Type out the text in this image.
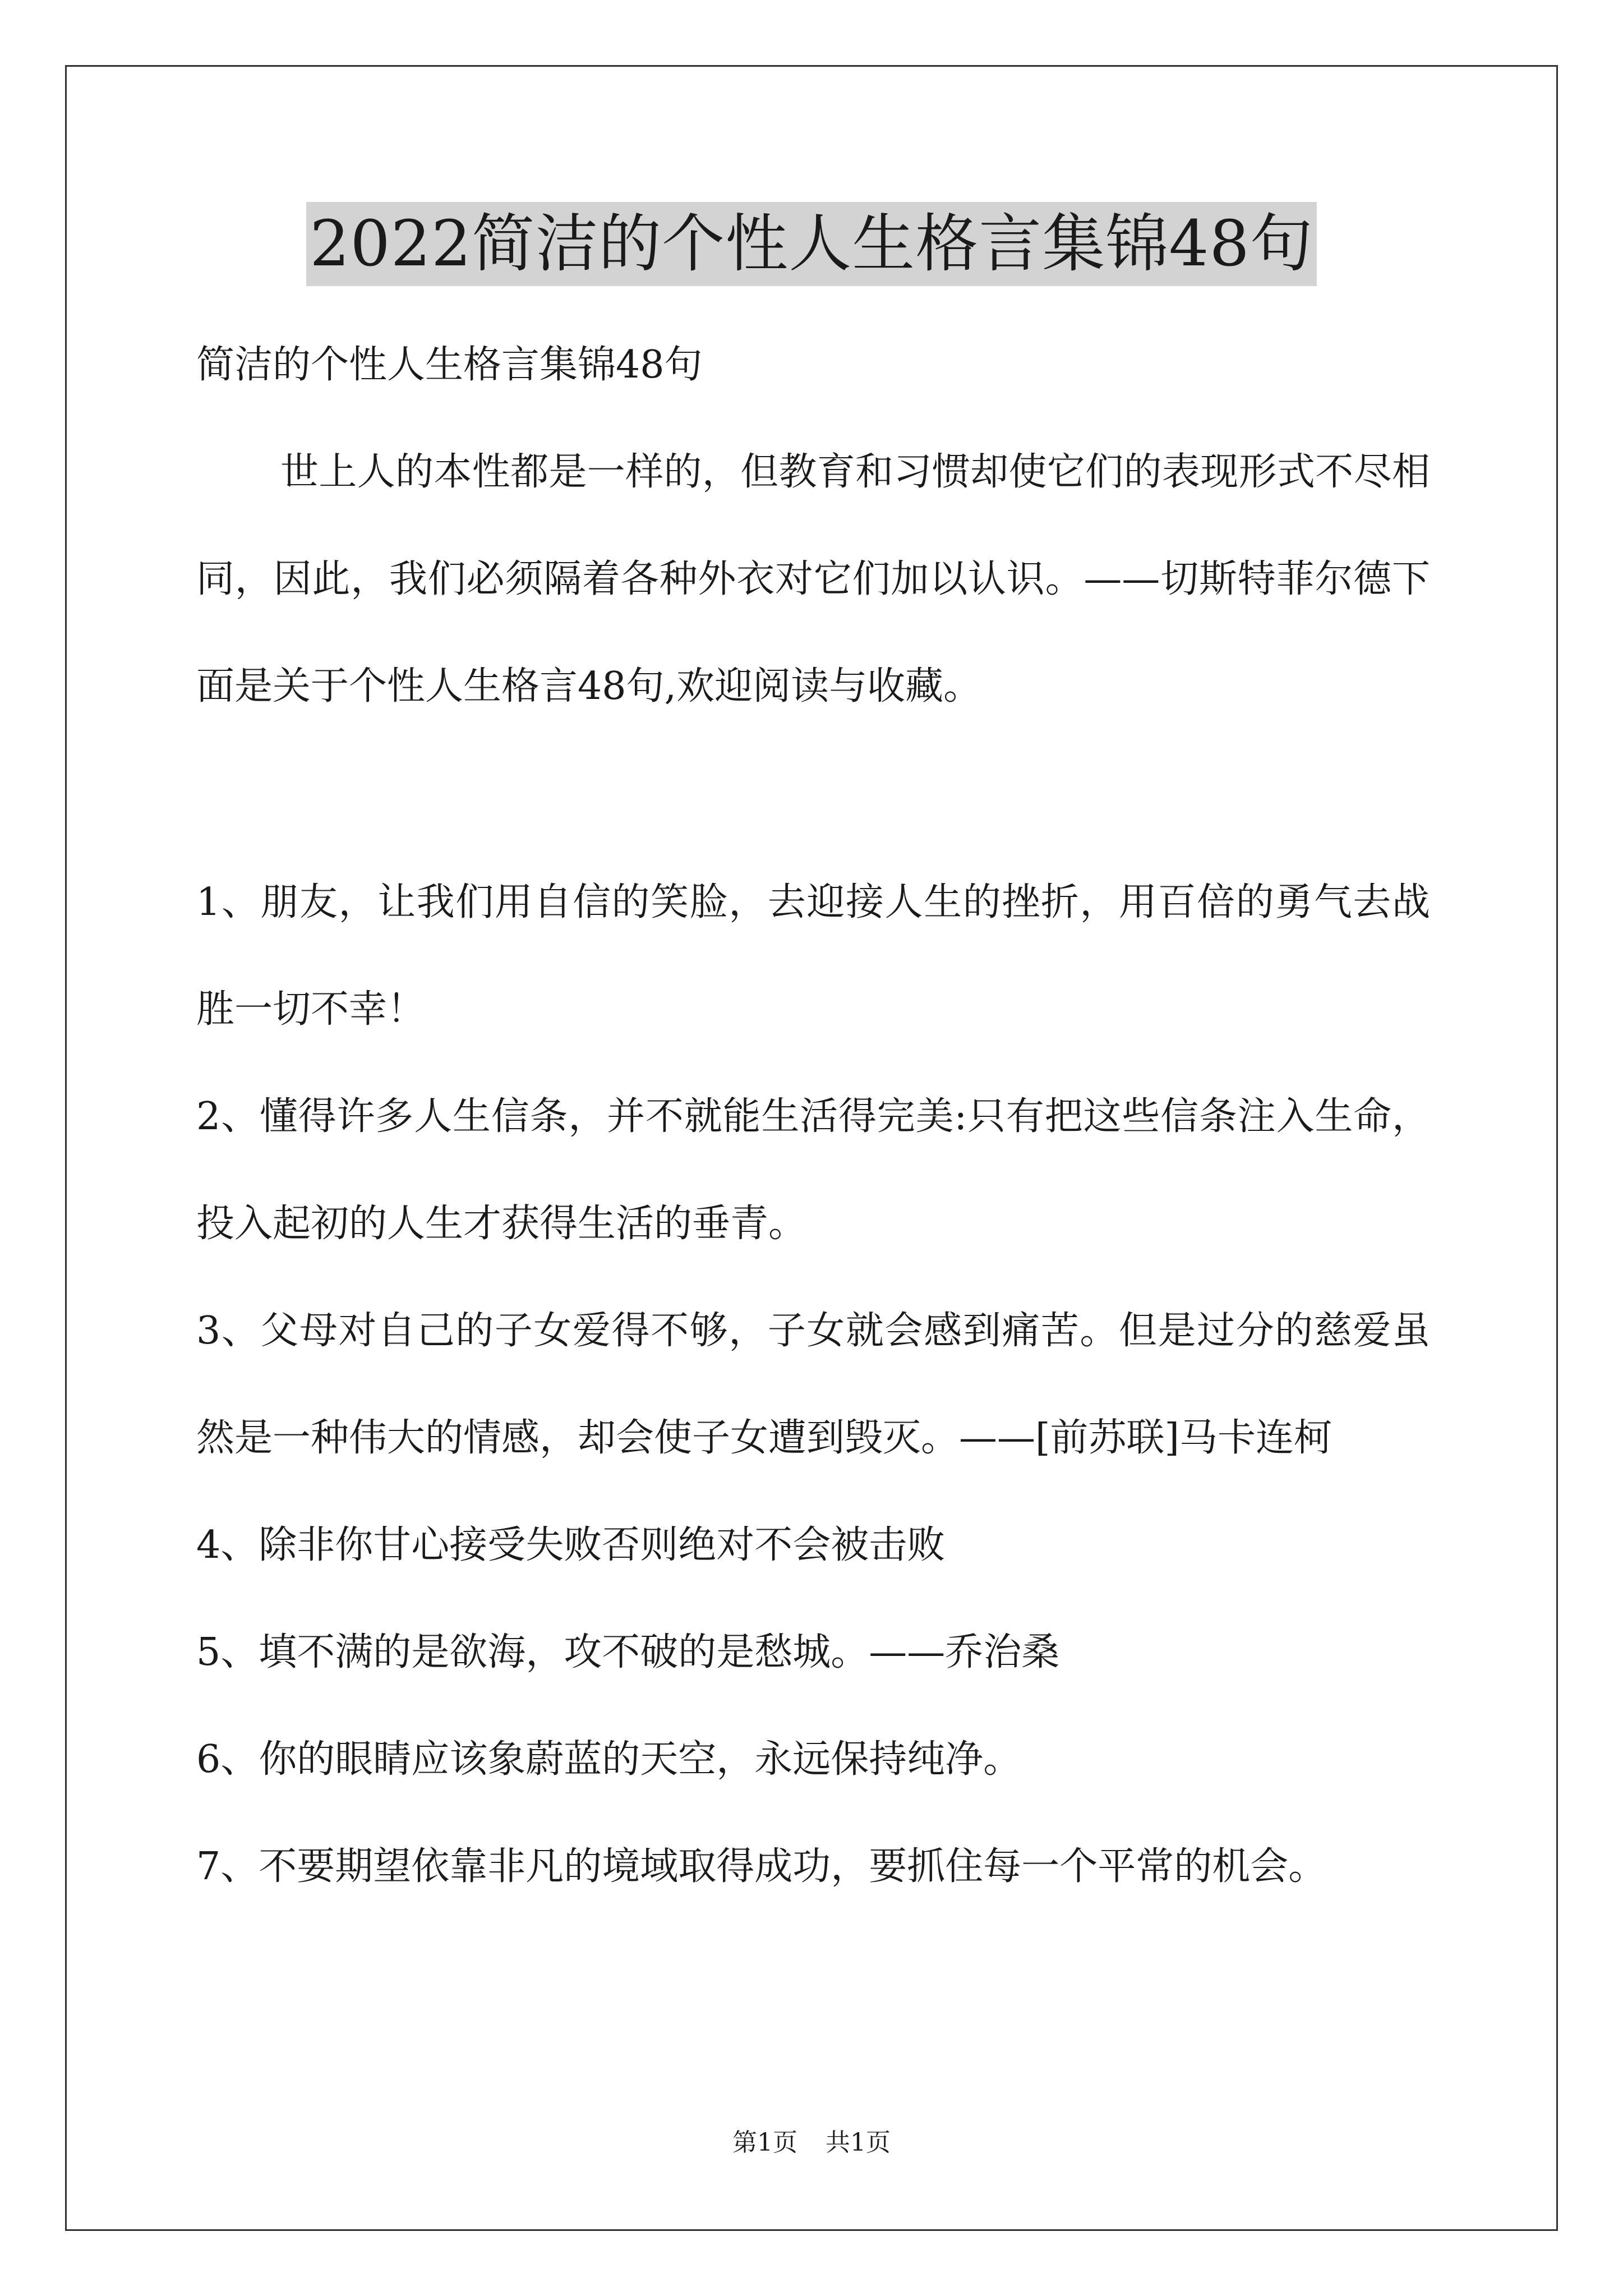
2022简洁的个性人生格言集锦48句

简洁的个性人生格言集锦48句

世上人的本性都是一样的，但教育和习惯却使它们的表现形式不尽相同，因此，我们必须隔着各种外衣对它们加以认识。——切斯特菲尔德下面是关于个性人生格言48句,欢迎阅读与收藏。

1、朋友，让我们用自信的笑脸，去迎接人生的挫折，用百倍的勇气去战胜一切不幸！

2、懂得许多人生信条，并不就能生活得完美:只有把这些信条注入生命，投入起初的人生才获得生活的垂青。

3、父母对自己的子女爱得不够，子女就会感到痛苦。但是过分的慈爱虽然是一种伟大的情感，却会使子女遭到毁灭。——[前苏联]马卡连柯

4、除非你甘心接受失败否则绝对不会被击败

5、填不满的是欲海，攻不破的是愁城。——乔治桑

6、你的眼睛应该象蔚蓝的天空，永远保持纯净。

7、不要期望依靠非凡的境域取得成功，要抓住每一个平常的机会。

第1页 共1页
